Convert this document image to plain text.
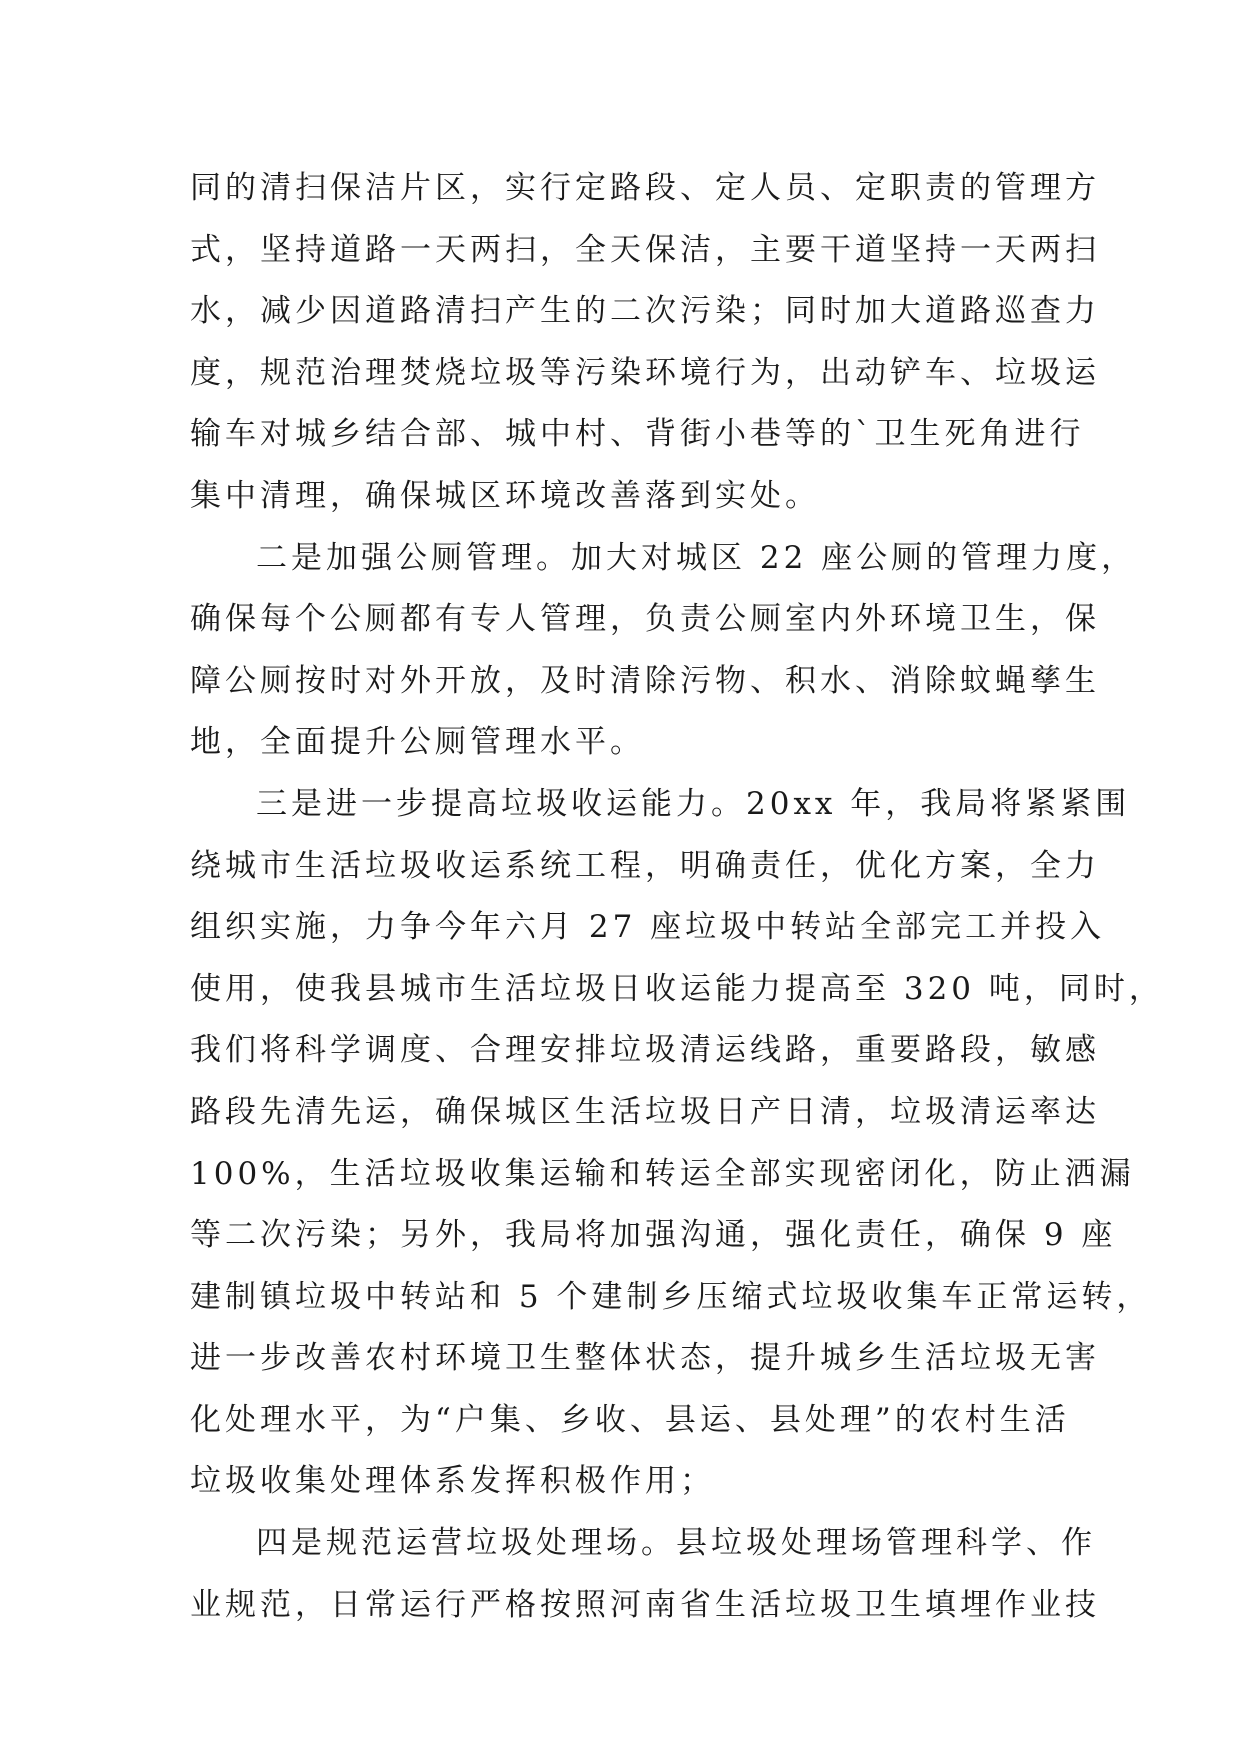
同的清扫保洁片区，实行定路段、定人员、定职责的管理方
式，坚持道路一天两扫，全天保洁，主要干道坚持一天两扫
水，减少因道路清扫产生的二次污染；同时加大道路巡查力
度，规范治理焚烧垃圾等污染环境行为，出动铲车、垃圾运
输车对城乡结合部、城中村、背街小巷等的`卫生死角进行
集中清理，确保城区环境改善落到实处。
二是加强公厕管理。加大对城区 22 座公厕的管理力度，
确保每个公厕都有专人管理，负责公厕室内外环境卫生，保
障公厕按时对外开放，及时清除污物、积水、消除蚊蝇孳生
地，全面提升公厕管理水平。
三是进一步提高垃圾收运能力。20xx 年，我局将紧紧围
绕城市生活垃圾收运系统工程，明确责任，优化方案，全力
组织实施，力争今年六月 27 座垃圾中转站全部完工并投入
使用，使我县城市生活垃圾日收运能力提高至 320 吨，同时，
我们将科学调度、合理安排垃圾清运线路，重要路段，敏感
路段先清先运，确保城区生活垃圾日产日清，垃圾清运率达
100%，生活垃圾收集运输和转运全部实现密闭化，防止洒漏
等二次污染；另外，我局将加强沟通，强化责任，确保 9 座
建制镇垃圾中转站和 5 个建制乡压缩式垃圾收集车正常运转，
进一步改善农村环境卫生整体状态，提升城乡生活垃圾无害
化处理水平，为“户集、乡收、县运、县处理”的农村生活
垃圾收集处理体系发挥积极作用；
四是规范运营垃圾处理场。县垃圾处理场管理科学、作
业规范，日常运行严格按照河南省生活垃圾卫生填埋作业技
